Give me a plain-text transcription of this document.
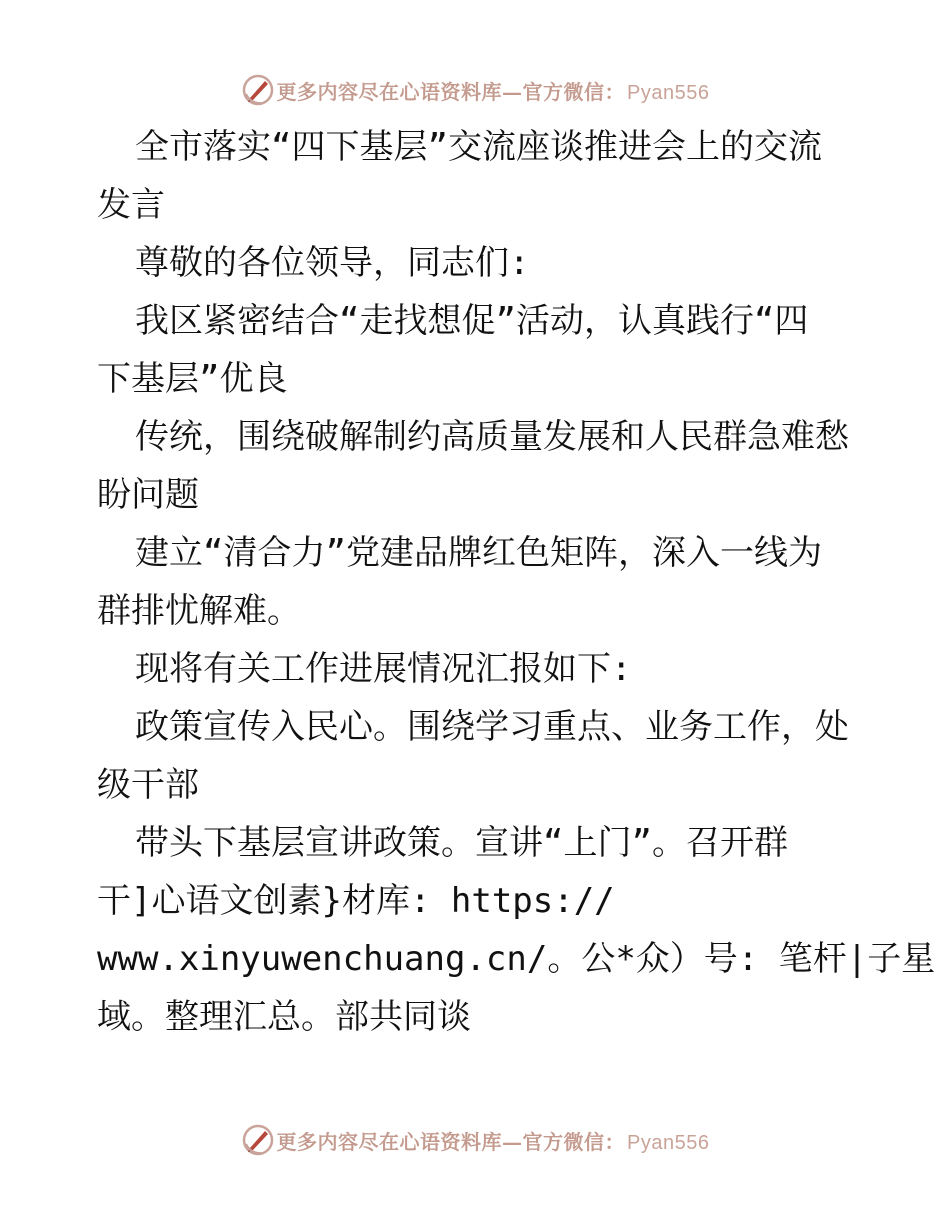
更多内容尽在心语资料库—官方微信： Pyan556
全市落实“四下基层”交流座谈推进会上的交流
发言
尊敬的各位领导，同志们:
我区紧密结合“走找想促”活动，认真践行“四
下基层”优良
传统，围绕破解制约高质量发展和人民群急难愁
盼问题
建立“清合力”党建品牌红色矩阵，深入一线为
群排忧解难。
现将有关工作进展情况汇报如下:
政策宣传入民心。围绕学习重点、业务工作，处
级干部
带头下基层宣讲政策。宣讲“上门”。召开群
干]心语文创素}材库: https://
www.xinyuwenchuang.cn/。公*众）号: 笔杆|子星
域。整理汇总。部共同谈
更多内容尽在心语资料库—官方微信： Pyan556
